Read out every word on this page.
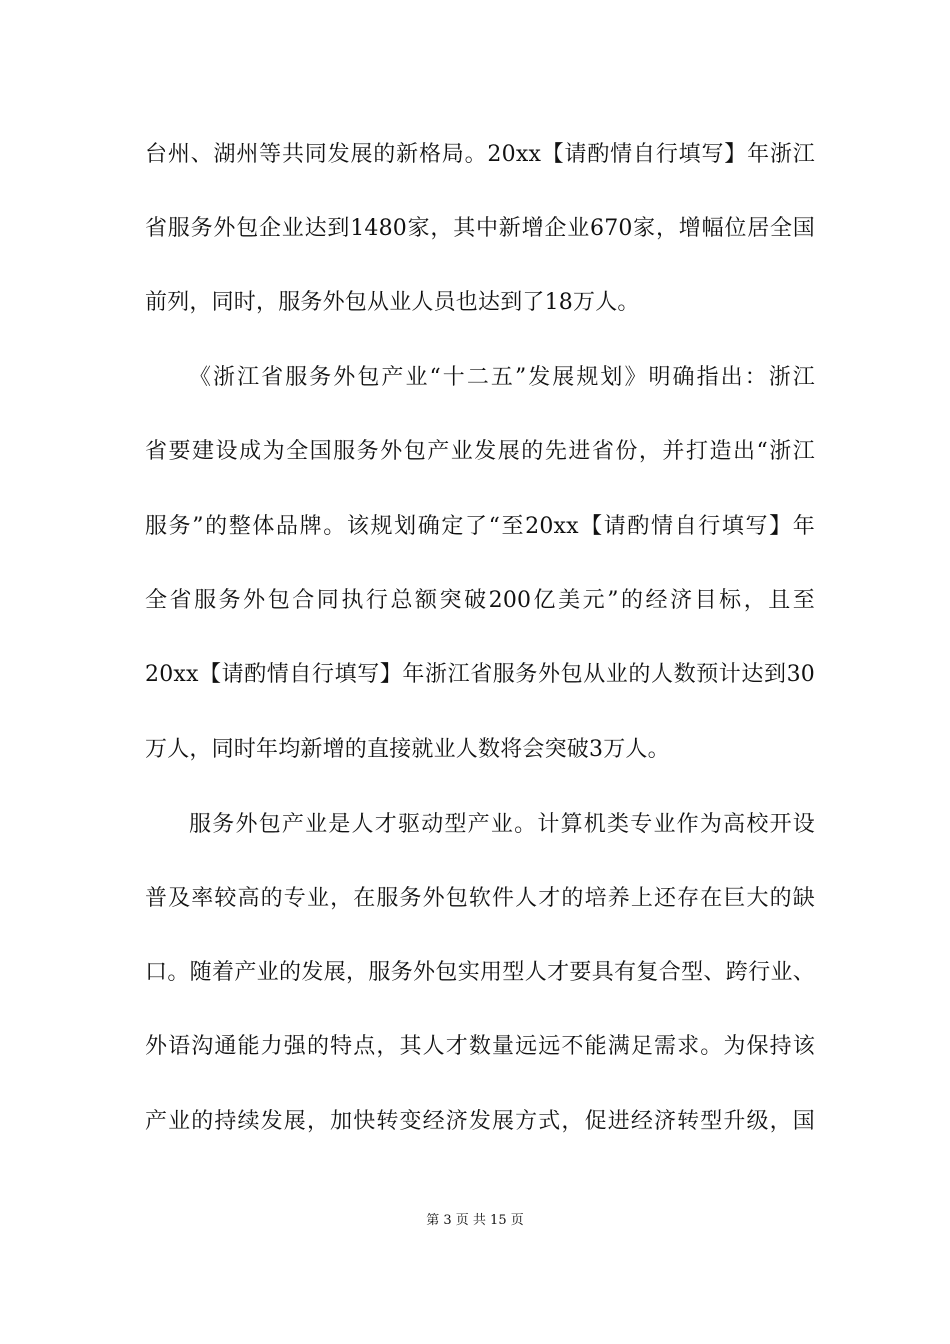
台州、湖州等共同发展的新格局。20xx【请酌情自行填写】年浙江
省服务外包企业达到1480家，其中新增企业670家，增幅位居全国
前列，同时，服务外包从业人员也达到了18万人。
《浙江省服务外包产业“十二五”发展规划》明确指出：浙江
省要建设成为全国服务外包产业发展的先进省份，并打造出“浙江
服务”的整体品牌。该规划确定了“至20xx【请酌情自行填写】年
全省服务外包合同执行总额突破200亿美元”的经济目标，且至
20xx【请酌情自行填写】年浙江省服务外包从业的人数预计达到30
万人，同时年均新增的直接就业人数将会突破3万人。
服务外包产业是人才驱动型产业。计算机类专业作为高校开设
普及率较高的专业，在服务外包软件人才的培养上还存在巨大的缺
口。随着产业的发展，服务外包实用型人才要具有复合型、跨行业、
外语沟通能力强的特点，其人才数量远远不能满足需求。为保持该
产业的持续发展，加快转变经济发展方式，促进经济转型升级，国
第 3 页 共 15 页
